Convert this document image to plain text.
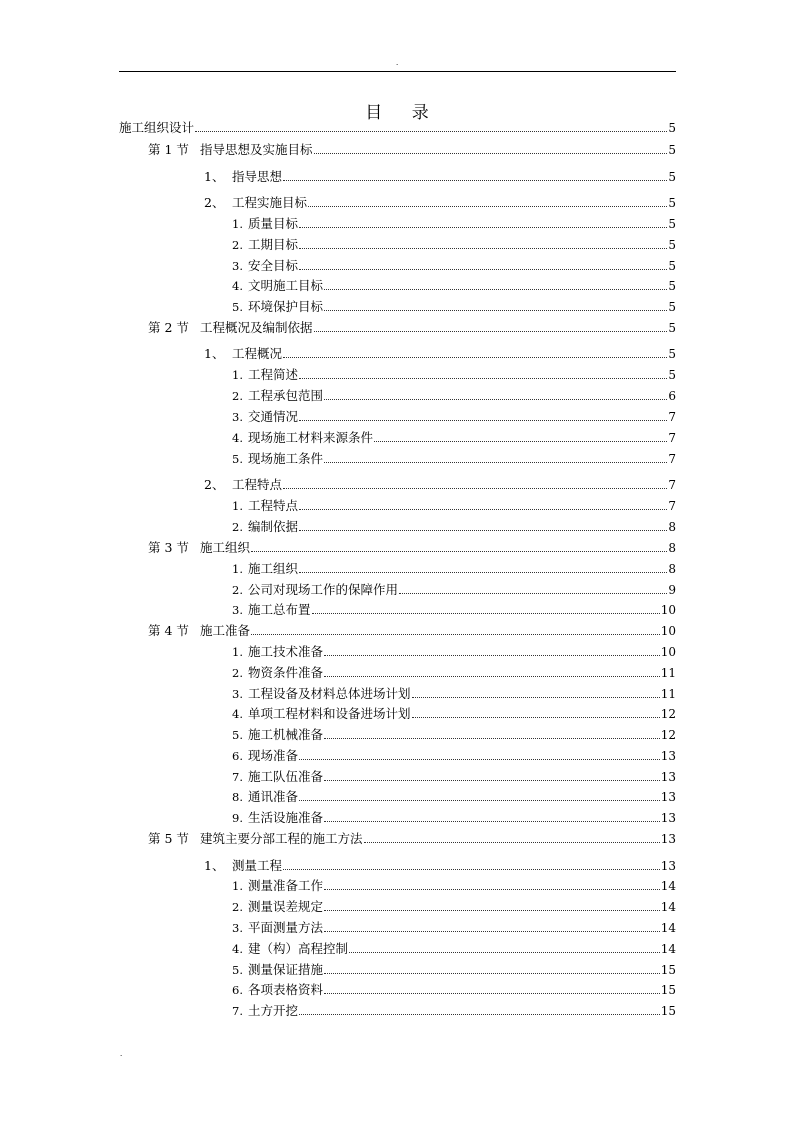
.
目 录
施工组织设计	5
第 1 节 指导思想及实施目标	5
1、 指导思想	5
2、 工程实施目标	5
1. 质量目标	5
2. 工期目标	5
3. 安全目标	5
4. 文明施工目标	5
5. 环境保护目标	5
第 2 节 工程概况及编制依据	5
1、 工程概况	5
1. 工程简述	5
2. 工程承包范围	6
3. 交通情况	7
4. 现场施工材料来源条件	7
5. 现场施工条件	7
2、 工程特点	7
1. 工程特点	7
2. 编制依据	8
第 3 节 施工组织	8
1. 施工组织	8
2. 公司对现场工作的保障作用	9
3. 施工总布置	10
第 4 节 施工准备	10
1. 施工技术准备	10
2. 物资条件准备	11
3. 工程设备及材料总体进场计划	11
4. 单项工程材料和设备进场计划	12
5. 施工机械准备	12
6. 现场准备	13
7. 施工队伍准备	13
8. 通讯准备	13
9. 生活设施准备	13
第 5 节 建筑主要分部工程的施工方法	13
1、 测量工程	13
1. 测量准备工作	14
2. 测量误差规定	14
3. 平面测量方法	14
4. 建（构）高程控制	14
5. 测量保证措施	15
6. 各项表格资料	15
7. 土方开挖	15
.
